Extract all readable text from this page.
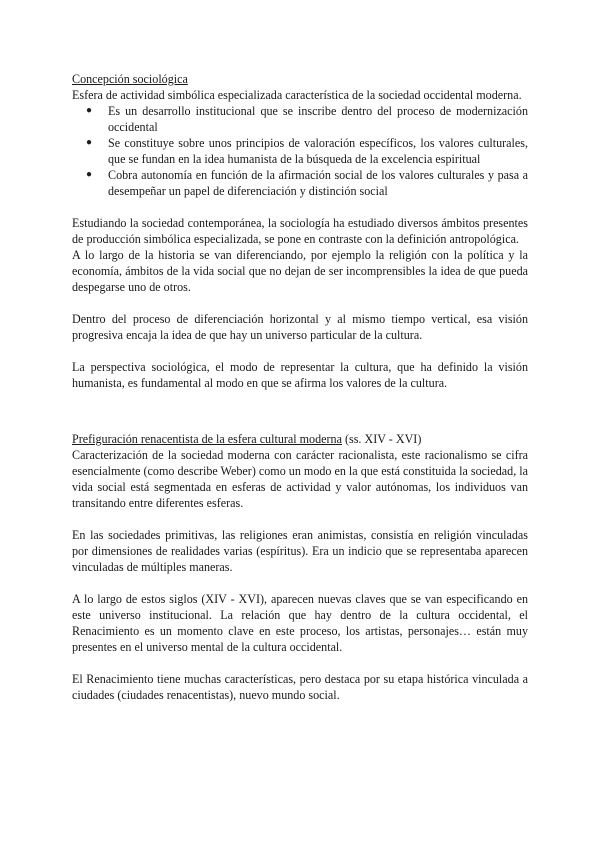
Concepción sociológica

Esfera de actividad simbólica especializada característica de la sociedad occidental moderna.

● Es un desarrollo institucional que se inscribe dentro del proceso de modernización occidental
● Se constituye sobre unos principios de valoración específicos, los valores culturales, que se fundan en la idea humanista de la búsqueda de la excelencia espiritual
● Cobra autonomía en función de la afirmación social de los valores culturales y pasa a desempeñar un papel de diferenciación y distinción social

Estudiando la sociedad contemporánea, la sociología ha estudiado diversos ámbitos presentes de producción simbólica especializada, se pone en contraste con la definición antropológica.

A lo largo de la historia se van diferenciando, por ejemplo la religión con la política y la economía, ámbitos de la vida social que no dejan de ser incomprensibles la idea de que pueda despegarse uno de otros.

Dentro del proceso de diferenciación horizontal y al mismo tiempo vertical, esa visión progresiva encaja la idea de que hay un universo particular de la cultura.

La perspectiva sociológica, el modo de representar la cultura, que ha definido la visión humanista, es fundamental al modo en que se afirma los valores de la cultura.

Prefiguración renacentista de la esfera cultural moderna (ss. XIV - XVI)

Caracterización de la sociedad moderna con carácter racionalista, este racionalismo se cifra esencialmente (como describe Weber) como un modo en la que está constituida la sociedad, la vida social está segmentada en esferas de actividad y valor autónomas, los individuos van transitando entre diferentes esferas.

En las sociedades primitivas, las religiones eran animistas, consistía en religión vinculadas por dimensiones de realidades varias (espíritus). Era un indicio que se representaba aparecen vinculadas de múltiples maneras.

A lo largo de estos siglos (XIV - XVI), aparecen nuevas claves que se van especificando en este universo institucional. La relación que hay dentro de la cultura occidental, el Renacimiento es un momento clave en este proceso, los artistas, personajes… están muy presentes en el universo mental de la cultura occidental.

El Renacimiento tiene muchas características, pero destaca por su etapa histórica vinculada a ciudades (ciudades renacentistas), nuevo mundo social.
